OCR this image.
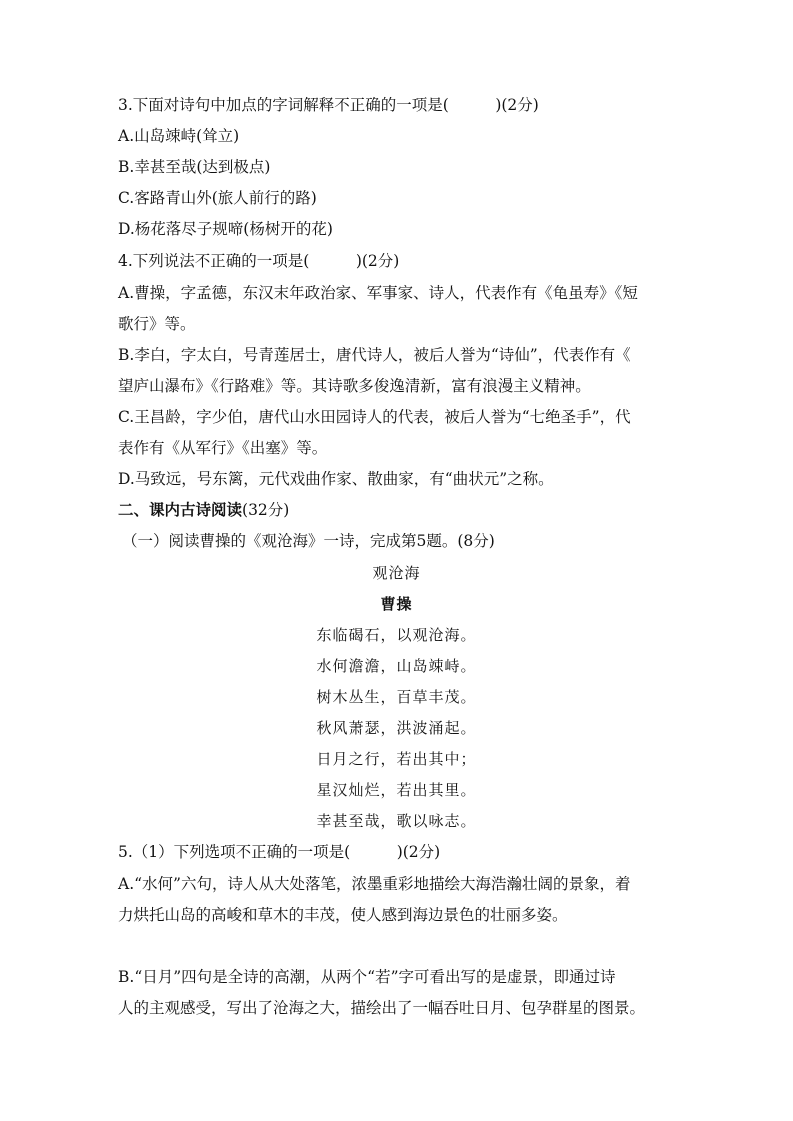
3.下面对诗句中加点的字词解释不正确的一项是(　　　)(2分)
A.山岛竦峙(耸立)
B.幸甚至哉(达到极点)
C.客路青山外(旅人前行的路)
D.杨花落尽子规啼(杨树开的花)
4.下列说法不正确的一项是(　　　)(2分)
A.曹操，字孟德，东汉末年政治家、军事家、诗人，代表作有《龟虽寿》《短
歌行》等。
B.李白，字太白，号青莲居士，唐代诗人，被后人誉为“诗仙”，代表作有《
望庐山瀑布》《行路难》等。其诗歌多俊逸清新，富有浪漫主义精神。
C.王昌龄，字少伯，唐代山水田园诗人的代表，被后人誉为“七绝圣手”，代
表作有《从军行》《出塞》等。
D.马致远，号东篱，元代戏曲作家、散曲家，有“曲状元”之称。
二、课内古诗阅读(32分)
（一）阅读曹操的《观沧海》一诗，完成第5题。(8分)
观沧海
曹操
东临碣石，以观沧海。
水何澹澹，山岛竦峙。
树木丛生，百草丰茂。
秋风萧瑟，洪波涌起。
日月之行，若出其中；
星汉灿烂，若出其里。
幸甚至哉，歌以咏志。
5.（1）下列选项不正确的一项是(　　　)(2分)
A.“水何”六句，诗人从大处落笔，浓墨重彩地描绘大海浩瀚壮阔的景象，着
力烘托山岛的高峻和草木的丰茂，使人感到海边景色的壮丽多姿。
B.“日月”四句是全诗的高潮，从两个“若”字可看出写的是虚景，即通过诗
人的主观感受，写出了沧海之大，描绘出了一幅吞吐日月、包孕群星的图景。
